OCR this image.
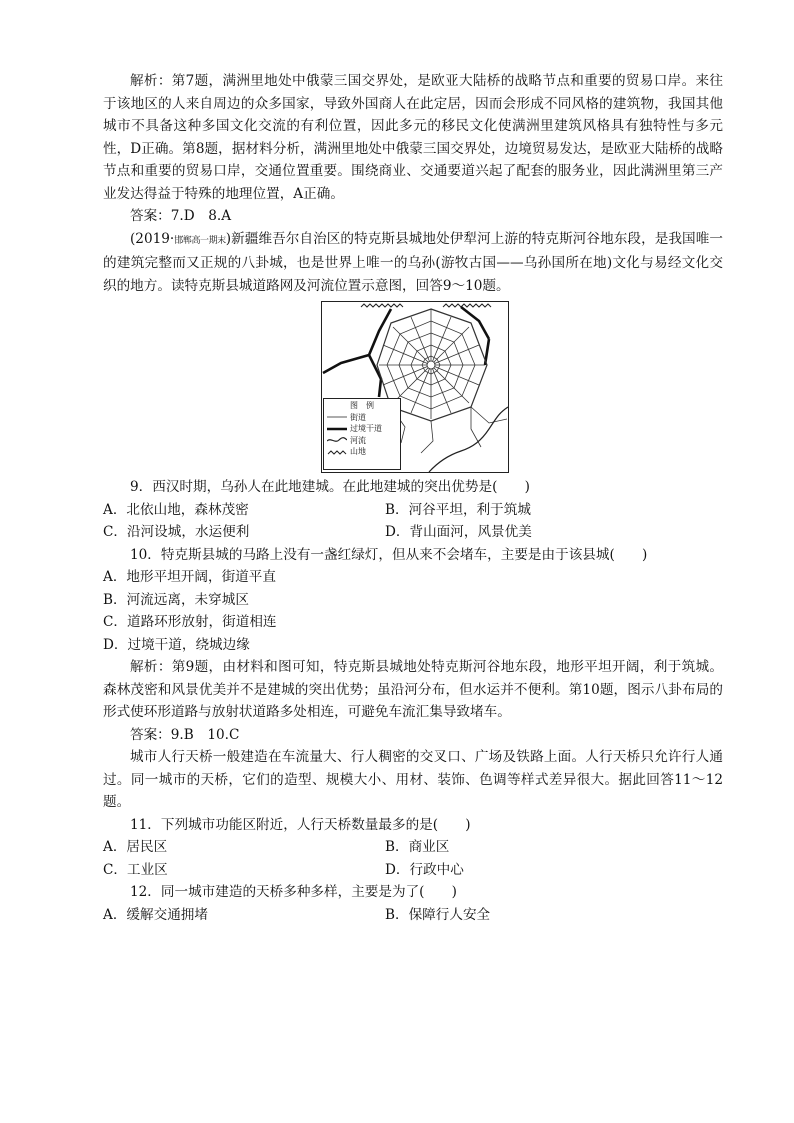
解析：第7题，满洲里地处中俄蒙三国交界处，是欧亚大陆桥的战略节点和重要的贸易口岸。来往于该地区的人来自周边的众多国家，导致外国商人在此定居，因而会形成不同风格的建筑物，我国其他城市不具备这种多国文化交流的有利位置，因此多元的移民文化使满洲里建筑风格具有独特性与多元性，D正确。第8题，据材料分析，满洲里地处中俄蒙三国交界处，边境贸易发达，是欧亚大陆桥的战略节点和重要的贸易口岸，交通位置重要。围绕商业、交通要道兴起了配套的服务业，因此满洲里第三产业发达得益于特殊的地理位置，A正确。

答案：7.D　8.A

(2019·邯郸高一期末)新疆维吾尔自治区的特克斯县城地处伊犁河上游的特克斯河谷地东段，是我国唯一的建筑完整而又正规的八卦城，也是世界上唯一的乌孙(游牧古国——乌孙国所在地)文化与易经文化交织的地方。读特克斯县城道路网及河流位置示意图，回答9～10题。

图　例
街道
过境干道
河流
山地

9．西汉时期，乌孙人在此地建城。在此地建城的突出优势是(　　)

A．北依山地，森林茂密	B．河谷平坦，利于筑城
C．沿河设城，水运便利	D．背山面河，风景优美

10．特克斯县城的马路上没有一盏红绿灯，但从来不会堵车，主要是由于该县城(　　)

A．地形平坦开阔，街道平直
B．河流远离，未穿城区
C．道路环形放射，街道相连
D．过境干道，绕城边缘

解析：第9题，由材料和图可知，特克斯县城地处特克斯河谷地东段，地形平坦开阔，利于筑城。森林茂密和风景优美并不是建城的突出优势；虽沿河分布，但水运并不便利。第10题，图示八卦布局的形式使环形道路与放射状道路多处相连，可避免车流汇集导致堵车。

答案：9.B　10.C

城市人行天桥一般建造在车流量大、行人稠密的交叉口、广场及铁路上面。人行天桥只允许行人通过。同一城市的天桥，它们的造型、规模大小、用材、装饰、色调等样式差异很大。据此回答11～12题。

11．下列城市功能区附近，人行天桥数量最多的是(　　)

A．居民区	B．商业区
C．工业区	D．行政中心

12．同一城市建造的天桥多种多样，主要是为了(　　)

A．缓解交通拥堵	B．保障行人安全
